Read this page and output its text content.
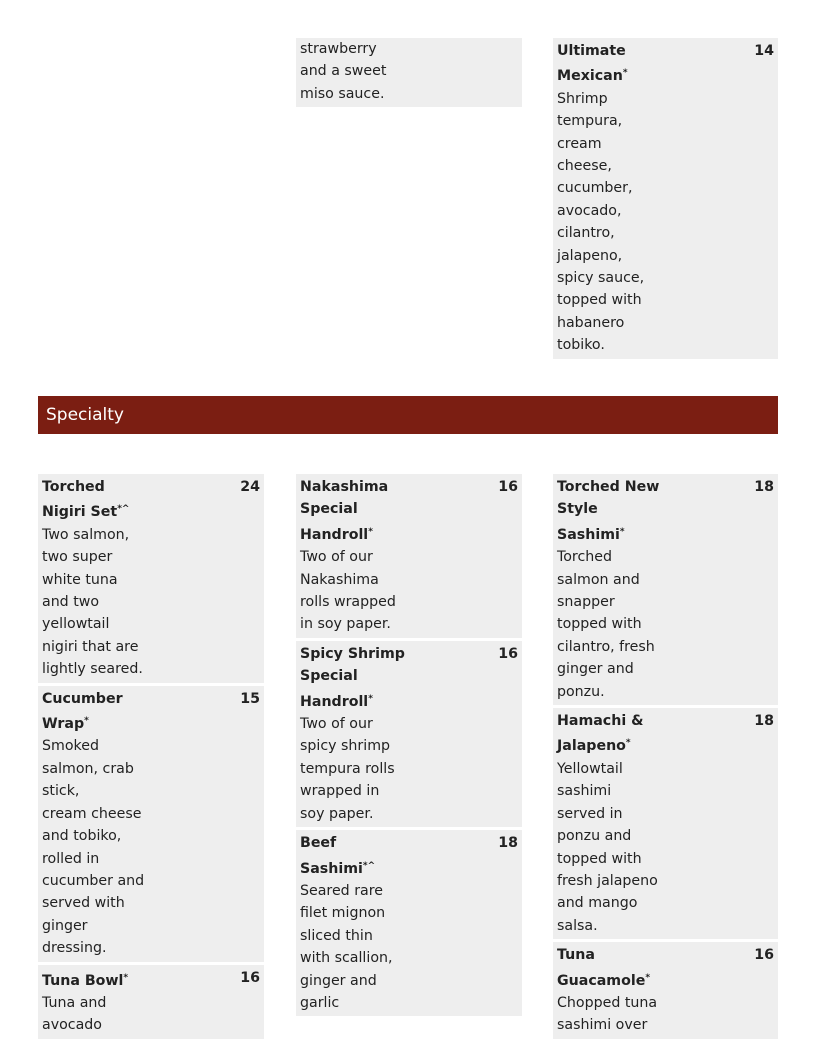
strawberry
and a sweet
miso sauce.
Ultimate
Mexican*
Shrimp
tempura,
cream
cheese,
cucumber,
avocado,
cilantro,
jalapeno,
spicy sauce,
topped with
habanero
tobiko.
14
Specialty
Torched
Nigiri Set*^
Two salmon,
two super
white tuna
and two
yellowtail
nigiri that are
lightly seared.
24
Cucumber
Wrap*
Smoked
salmon, crab
stick,
cream cheese
and tobiko,
rolled in
cucumber and
served with
ginger
dressing.
15
Tuna Bowl*
Tuna and
avocado
16
Nakashima
Special
Handroll*
Two of our
Nakashima
rolls wrapped
in soy paper.
16
Spicy Shrimp
Special
Handroll*
Two of our
spicy shrimp
tempura rolls
wrapped in
soy paper.
16
Beef
Sashimi*^
Seared rare
filet mignon
sliced thin
with scallion,
ginger and
garlic
18
Torched New
Style
Sashimi*
Torched
salmon and
snapper
topped with
cilantro, fresh
ginger and
ponzu.
18
Hamachi &
Jalapeno*
Yellowtail
sashimi
served in
ponzu and
topped with
fresh jalapeno
and mango
salsa.
18
Tuna
Guacamole*
Chopped tuna
sashimi over
16
